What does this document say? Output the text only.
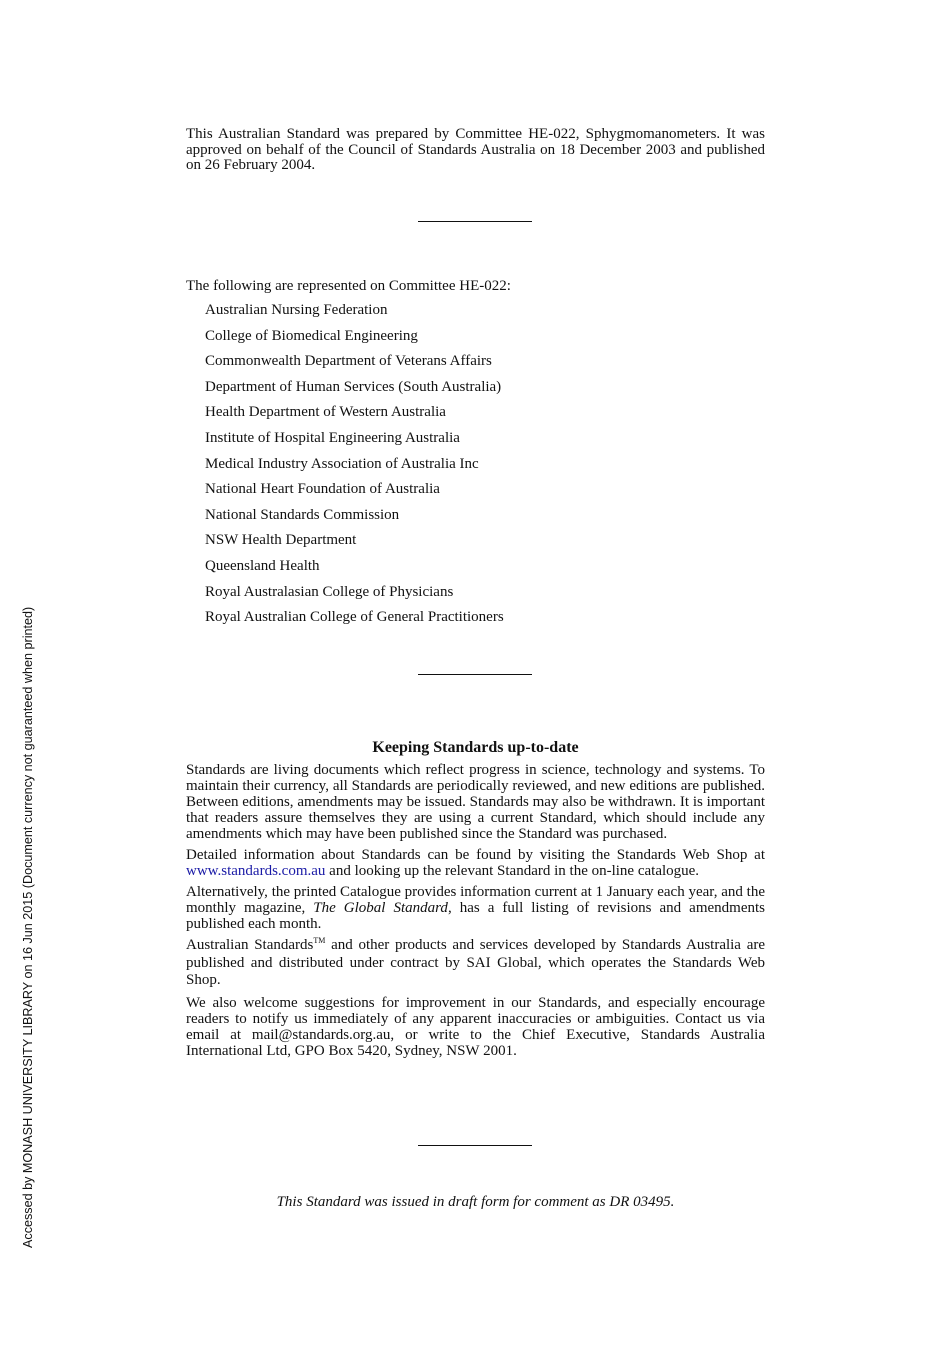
This Australian Standard was prepared by Committee HE-022, Sphygmomanometers. It was approved on behalf of the Council of Standards Australia on 18 December 2003 and published on 26 February 2004.
The following are represented on Committee HE-022:
Australian Nursing Federation
College of Biomedical Engineering
Commonwealth Department of Veterans Affairs
Department of Human Services (South Australia)
Health Department of Western Australia
Institute of Hospital Engineering Australia
Medical Industry Association of Australia Inc
National Heart Foundation of Australia
National Standards Commission
NSW Health Department
Queensland Health
Royal Australasian College of Physicians
Royal Australian College of General Practitioners
Keeping Standards up-to-date

Standards are living documents which reflect progress in science, technology and systems. To maintain their currency, all Standards are periodically reviewed, and new editions are published. Between editions, amendments may be issued. Standards may also be withdrawn. It is important that readers assure themselves they are using a current Standard, which should include any amendments which may have been published since the Standard was purchased.

Detailed information about Standards can be found by visiting the Standards Web Shop at www.standards.com.au and looking up the relevant Standard in the on-line catalogue.

Alternatively, the printed Catalogue provides information current at 1 January each year, and the monthly magazine, The Global Standard, has a full listing of revisions and amendments published each month.

Australian Standards™ and other products and services developed by Standards Australia are published and distributed under contract by SAI Global, which operates the Standards Web Shop.

We also welcome suggestions for improvement in our Standards, and especially encourage readers to notify us immediately of any apparent inaccuracies or ambiguities. Contact us via email at mail@standards.org.au, or write to the Chief Executive, Standards Australia International Ltd, GPO Box 5420, Sydney, NSW 2001.

This Standard was issued in draft form for comment as DR 03495.
Accessed by MONASH UNIVERSITY LIBRARY on 16 Jun 2015 (Document currency not guaranteed when printed)
